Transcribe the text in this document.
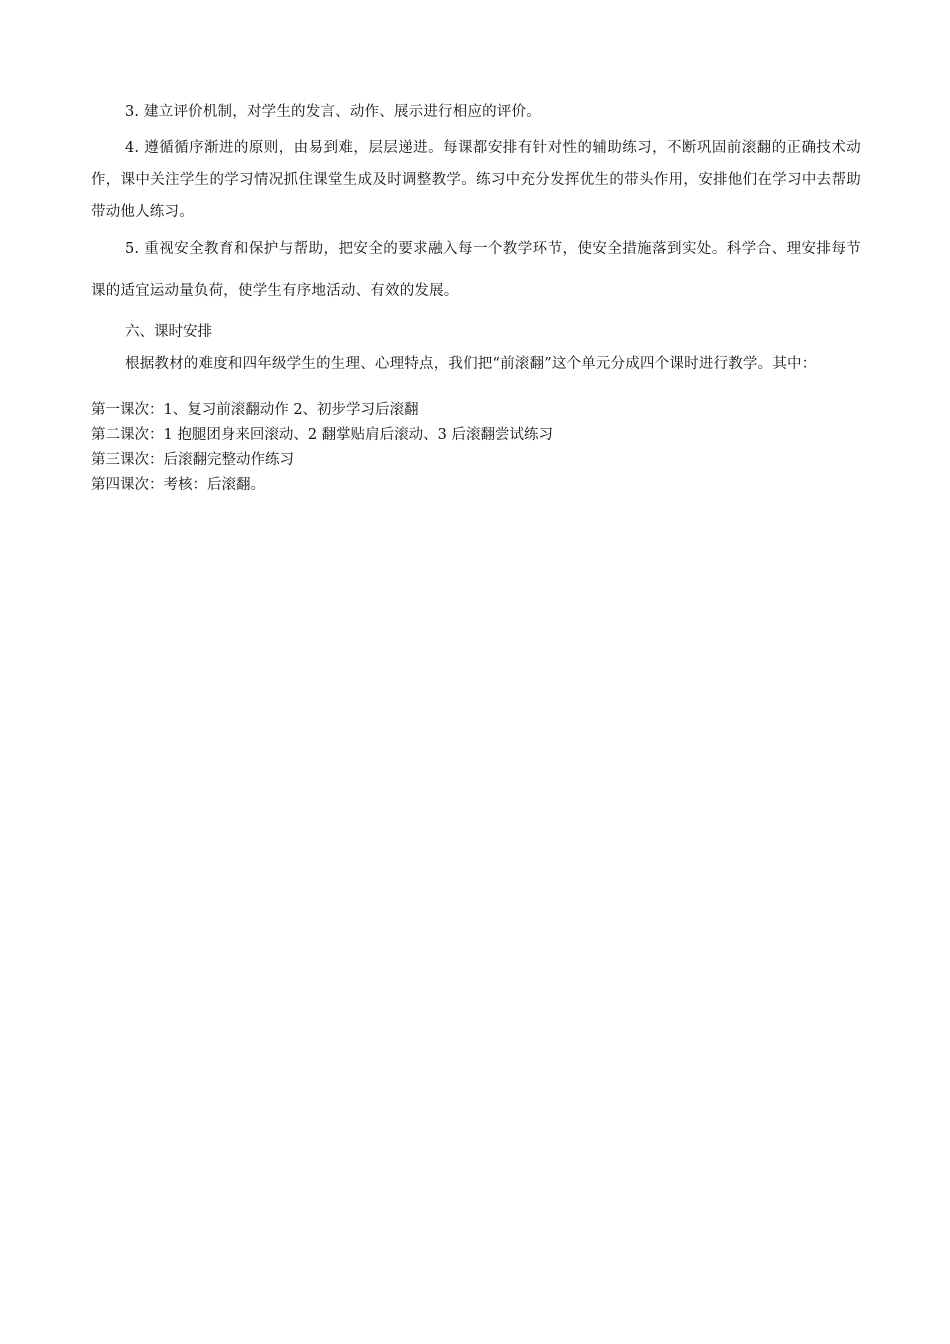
3. 建立评价机制，对学生的发言、动作、展示进行相应的评价。

4. 遵循循序渐进的原则，由易到难，层层递进。每课都安排有针对性的辅助练习，不断巩固前滚翻的正确技术动作，课中关注学生的学习情况抓住课堂生成及时调整教学。练习中充分发挥优生的带头作用，安排他们在学习中去帮助带动他人练习。

5. 重视安全教育和保护与帮助，把安全的要求融入每一个教学环节，使安全措施落到实处。科学合、理安排每节课的适宜运动量负荷，使学生有序地活动、有效的发展。

六、课时安排

根据教材的难度和四年级学生的生理、心理特点，我们把“前滚翻”这个单元分成四个课时进行教学。其中：

第一课次：1、复习前滚翻动作 2、初步学习后滚翻

第二课次：1 抱腿团身来回滚动、2 翻掌贴肩后滚动、3 后滚翻尝试练习

第三课次：后滚翻完整动作练习

第四课次：考核：后滚翻。
